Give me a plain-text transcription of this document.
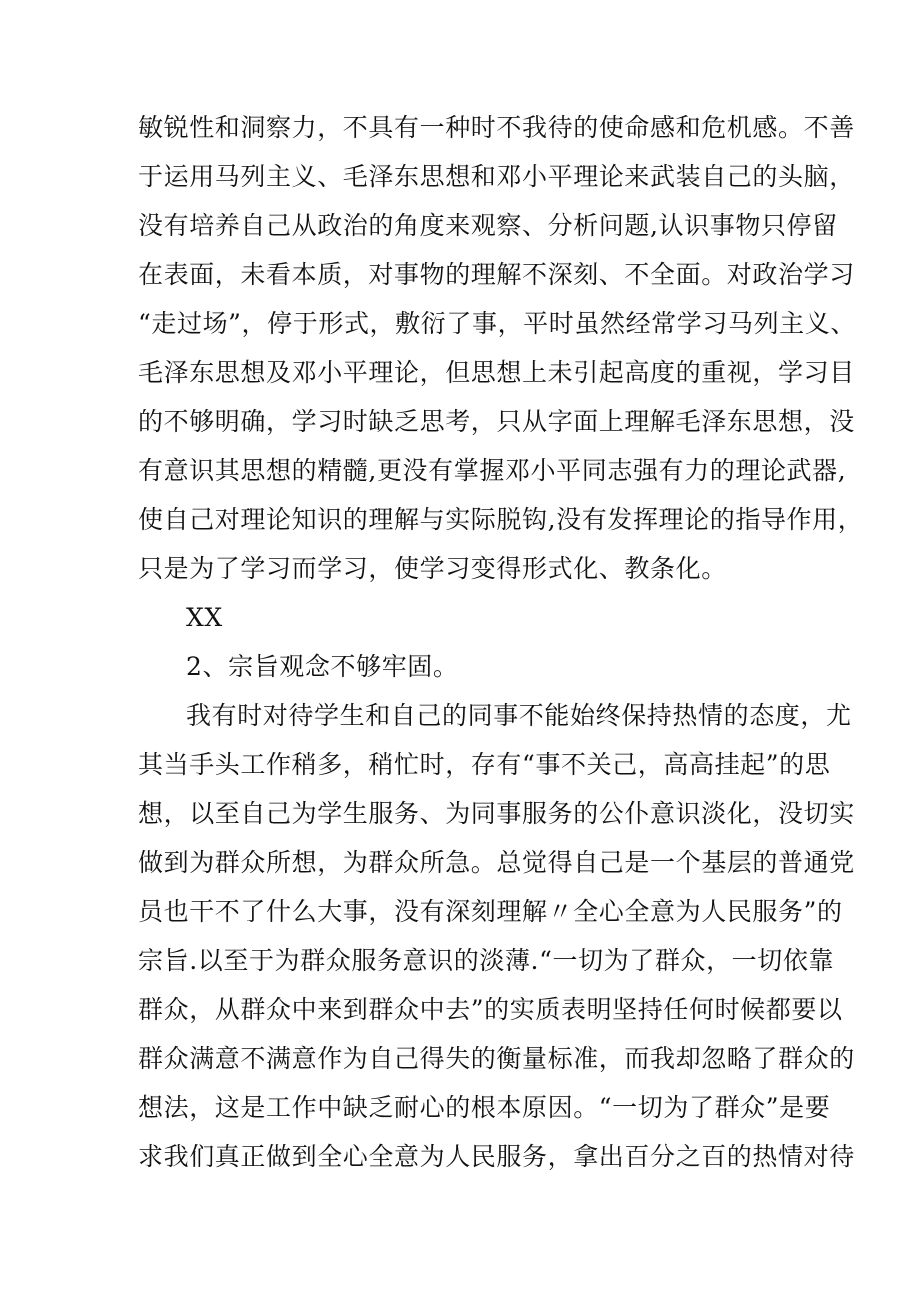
敏锐性和洞察力，不具有一种时不我待的使命感和危机感。不善
于运用马列主义、毛泽东思想和邓小平理论来武装自己的头脑，
没有培养自己从政治的角度来观察、分析问题,认识事物只停留
在表面，未看本质，对事物的理解不深刻、不全面。对政治学习
“走过场”，停于形式，敷衍了事，平时虽然经常学习马列主义、
毛泽东思想及邓小平理论，但思想上未引起高度的重视，学习目
的不够明确，学习时缺乏思考，只从字面上理解毛泽东思想，没
有意识其思想的精髓,更没有掌握邓小平同志强有力的理论武器,
使自己对理论知识的理解与实际脱钩,没有发挥理论的指导作用，
只是为了学习而学习，使学习变得形式化、教条化。
XX
2、宗旨观念不够牢固。
我有时对待学生和自己的同事不能始终保持热情的态度，尤
其当手头工作稍多，稍忙时，存有“事不关己，高高挂起”的思
想，以至自己为学生服务、为同事服务的公仆意识淡化，没切实
做到为群众所想，为群众所急。总觉得自己是一个基层的普通党
员也干不了什么大事，没有深刻理解〃全心全意为人民服务”的
宗旨.以至于为群众服务意识的淡薄.“一切为了群众，一切依靠
群众，从群众中来到群众中去”的实质表明坚持任何时候都要以
群众满意不满意作为自己得失的衡量标准，而我却忽略了群众的
想法，这是工作中缺乏耐心的根本原因。“一切为了群众”是要
求我们真正做到全心全意为人民服务，拿出百分之百的热情对待
